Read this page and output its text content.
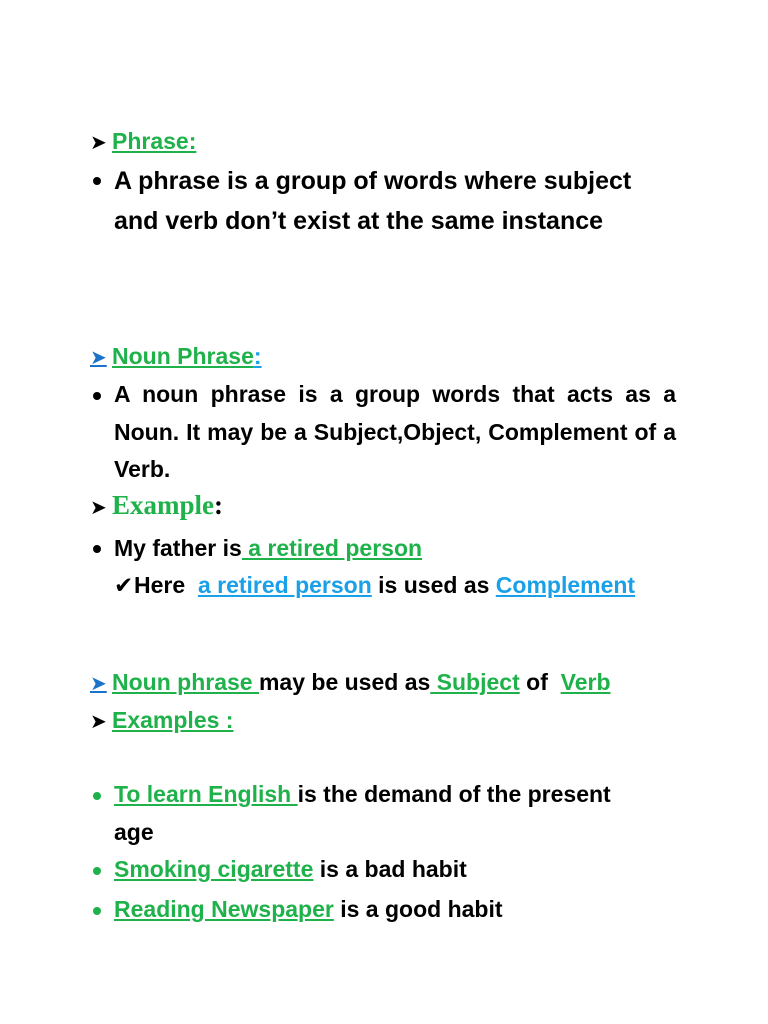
➤ Phrase:
A phrase is a group of words where subject
and verb don’t exist at the same instance
➤ Noun Phrase:
A noun phrase is a group words that acts as a Noun. It may be a Subject,Object, Complement of a Verb.
➤ Example:
My father is a retired person
✔Here  a retired person is used as Complement
➤ Noun phrase may be used as Subject of  Verb
➤ Examples :
To learn English is the demand of the present
age
Smoking cigarette is a bad habit
Reading Newspaper is a good habit
